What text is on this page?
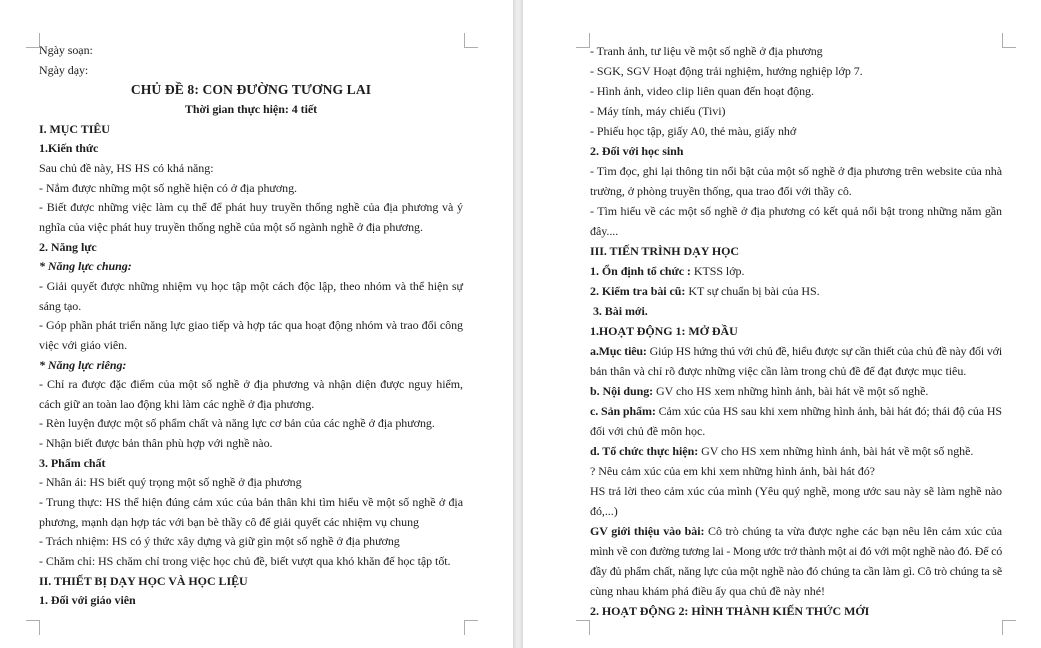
Ngày soạn:
Ngày dạy:
CHỦ ĐỀ 8: CON ĐƯỜNG TƯƠNG LAI
Thời gian thực hiện: 4 tiết
I. MỤC TIÊU
1.Kiến thức
Sau chủ đề này, HS HS có khả năng:
- Nắm được những một số nghề hiện có ở địa phương.
- Biết được những việc làm cụ thể để phát huy truyền thống nghề của địa phương và ý
nghĩa của việc phát huy truyền thống nghề của một số ngành nghề ở địa phương.
2. Năng lực
* Năng lực chung:
- Giải quyết được những nhiệm vụ học tập một cách độc lập, theo nhóm và thể hiện sự
sáng tạo.
- Góp phần phát triển năng lực giao tiếp và hợp tác qua hoạt động nhóm và trao đổi công
việc với giáo viên.
* Năng lực riêng:
- Chỉ ra được đặc điểm của một số nghề ở địa phương và nhận diện được nguy hiểm,
cách giữ an toàn lao động khi làm các nghề ở địa phương.
- Rèn luyện được một số phẩm chất và năng lực cơ bản của các nghề ở địa phương.
- Nhận biết được bản thân phù hợp với nghề nào.
3. Phẩm chất
- Nhân ái: HS biết quý trọng một số nghề ở địa phương
- Trung thực: HS thể hiện đúng cảm xúc của bản thân khi tìm hiểu về một số nghề ở địa
phương, mạnh dạn hợp tác với bạn bè thầy cô để giải quyết các nhiệm vụ chung
- Trách nhiệm: HS có ý thức xây dựng và giữ gìn một số nghề ở địa phương
- Chăm chỉ: HS chăm chỉ trong việc học chủ đề, biết vượt qua khó khăn để học tập tốt.
II. THIẾT BỊ DẠY HỌC VÀ HỌC LIỆU
1. Đối với giáo viên
- Tranh ảnh, tư liệu về một số nghề ở địa phương
- SGK, SGV Hoạt động trải nghiệm, hướng nghiệp lớp 7.
- Hình ảnh, video clip liên quan đến hoạt động.
- Máy tính, máy chiếu (Tivi)
- Phiếu học tập, giấy A0, thẻ màu, giấy nhớ
2. Đối với học sinh
- Tìm đọc, ghi lại thông tin nổi bật của một số nghề ở địa phương trên website của nhà
trường, ở phòng truyền thống, qua trao đổi với thầy cô.
- Tìm hiểu về các một số nghề ở địa phương có kết quả nổi bật trong những năm gần
đây....
III. TIẾN TRÌNH DẠY HỌC
1. Ổn định tổ chức : KTSS lớp.
2. Kiểm tra bài cũ: KT sự chuẩn bị bài của HS.
3. Bài mới.
1.HOẠT ĐỘNG 1: MỞ ĐẦU
a.Mục tiêu: Giúp HS hứng thú với chủ đề, hiểu được sự cần thiết của chủ đề này đối với
bản thân và chỉ rõ được những việc cần làm trong chủ đề để đạt được mục tiêu.
b. Nội dung: GV cho HS xem những hình ảnh, bài hát về một số nghề.
c. Sản phẩm: Cảm xúc của HS sau khi xem những hình ảnh, bài hát đó; thái độ của HS
đối với chủ đề môn học.
d. Tổ chức thực hiện: GV cho HS xem những hình ảnh, bài hát về một số nghề.
? Nêu cảm xúc của em khi xem những hình ảnh, bài hát đó?
HS trả lời theo cảm xúc của mình (Yêu quý nghề, mong ước sau này sẽ làm nghề nào
đó,...)
GV giới thiệu vào bài: Cô trò chúng ta vừa được nghe các bạn nêu lên cảm xúc của
mình về con đường tương lai - Mong ước trở thành một ai đó với một nghề nào đó. Để có
đầy đủ phẩm chất, năng lực của một nghề nào đó chúng ta cần làm gì. Cô trò chúng ta sẽ
cùng nhau khám phá điều ấy qua chủ đề này nhé!
2. HOẠT ĐỘNG 2: HÌNH THÀNH KIẾN THỨC MỚI
